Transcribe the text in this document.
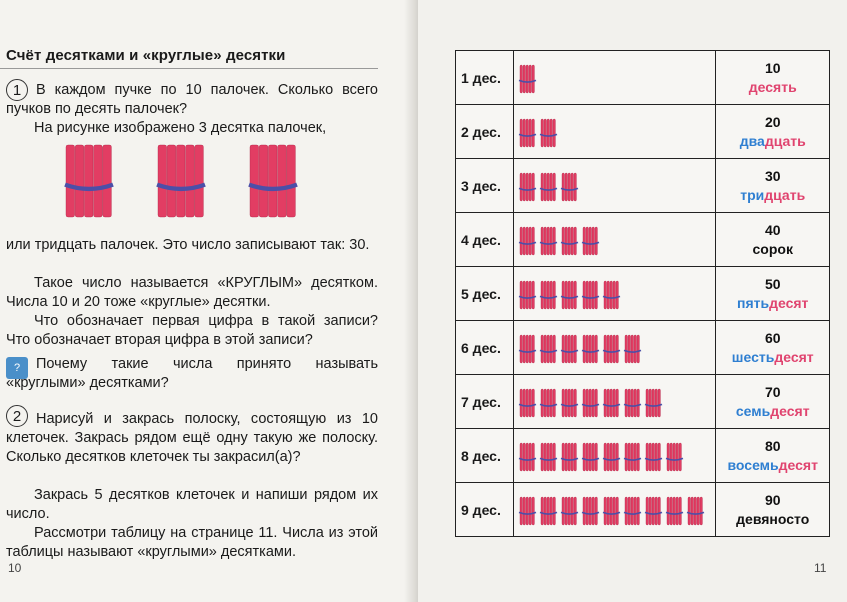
Счёт десятками и «круглые» десятки
1	В каждом пучке по 10 палочек. Сколько всего пучков по десять палочек?
На рисунке изображено 3 десятка палочек,
или тридцать палочек. Это число записывают так: 30.
Такое число называется «КРУГЛЫМ» десятком. Числа 10 и 20 тоже «круглые» десятки.
Что обозначает первая цифра в такой записи? Что обозначает вторая цифра в этой записи?
?	Почему такие числа принято называть «круглыми» десятками?
2	Нарисуй и закрась полоску, состоящую из 10 клеточек. Закрась рядом ещё одну такую же полоску. Сколько десятков клеточек ты закрасил(а)?
Закрась 5 десятков клеточек и напиши рядом их число.
Рассмотри таблицу на странице 11. Числа из этой таблицы называют «круглыми» десятками.
10	11
1 дес.		10
десять
2 дес.		20
двадцать
3 дес.		30
тридцать
4 дес.		40
сорок
5 дес.		50
пятьдесят
6 дес.		60
шестьдесят
7 дес.		70
семьдесят
8 дес.		80
восемьдесят
9 дес.		90
девяносто
